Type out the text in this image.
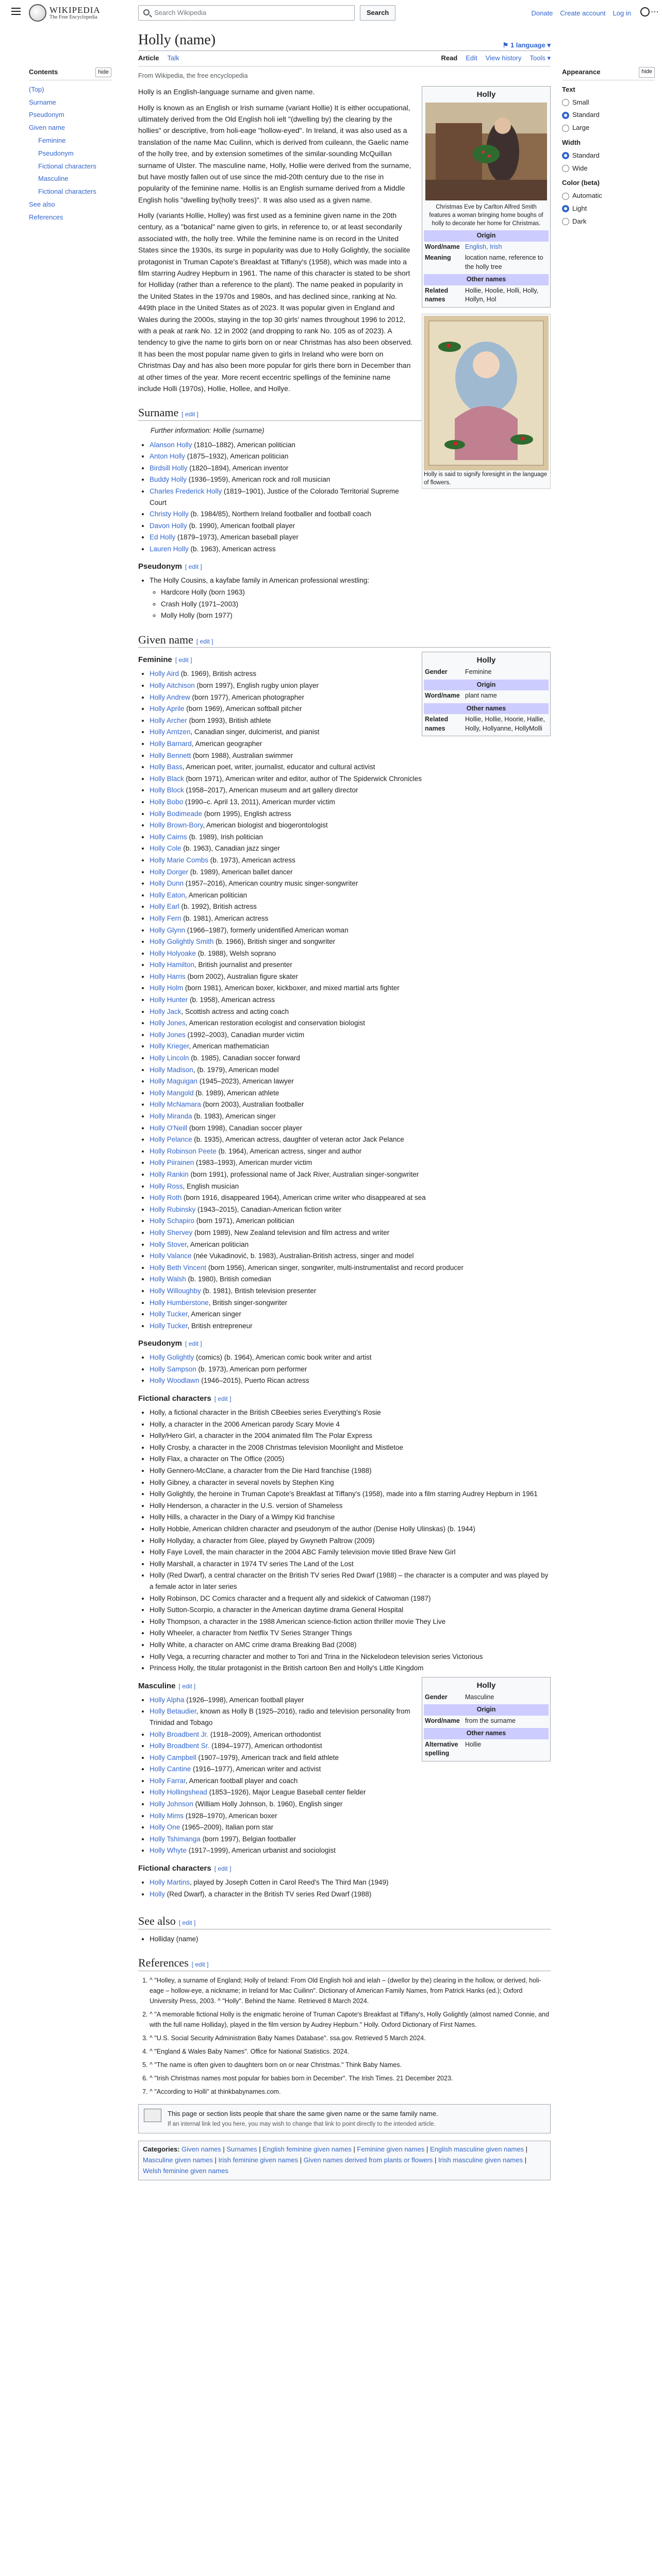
WIKIPEDIA
The Free Encyclopedia
Search Wikipedia	Search	Donate Create account Log in ⋯
Contents	hide
(Top)
Surname
Pseudonym
Given name
Feminine
Pseudonym
Fictional characters
Masculine
Fictional characters
See also
References
Appearance	hide
Text
Small
Standard
Large
Width
Standard
Wide
Color (beta)
Automatic
Light
Dark
Holly (name)	⚑ 1 language ▾
Article Talk	Read Edit View history Tools ▾
From Wikipedia, the free encyclopedia
Holly
Christmas Eve by Carlton Alfred Smith features a woman bringing home boughs of holly to decorate her home for Christmas.
Origin
Word/name English, Irish
Meaning	location name, reference to the holly tree
Other names
Related names
Hollie, Hoolie, Holli, Holly, Hollyn, Hol

Holly is an English-language surname and given name.

Holly is known as an English or Irish surname (variant Hollie) It is either occupational, ultimately derived from the Old English holi ielt "(dwelling by) the clearing by the hollies" or descriptive, from holi-eage "hollow-eyed". In Ireland, it was also used as a translation of the name Mac Cuilinn, which is derived from cuileann, the Gaelic name of the holly tree, and by extension sometimes of the similar-sounding McQuillan surname of Ulster. The masculine name, Holly, Hollie were derived from the surname, but have mostly fallen out of use since the mid-20th century due to the rise in popularity of the feminine name. Hollis is an English surname derived from a Middle English holis "dwelling by(holly trees)". It was also used as a given name.

Holly is said to signify foresight in the language of flowers.

Holly (variants Hollie, Holley) was first used as a feminine given name in the 20th century, as a "botanical" name given to girls, in reference to, or at least secondarily associated with, the holly tree. While the feminine name is on record in the United States since the 1930s, its surge in popularity was due to Holly Golightly, the socialite protagonist in Truman Capote's Breakfast at Tiffany's (1958), which was made into a film starring Audrey Hepburn in 1961. The name of this character is stated to be short for Holliday (rather than a reference to the plant). The name peaked in popularity in the United States in the 1970s and 1980s, and has declined since, ranking at No. 449th place in the United States as of 2023. It was popular given in England and Wales during the 2000s, staying in the top 30 girls' names throughout 1996 to 2012, with a peak at rank No. 12 in 2002 (and dropping to rank No. 105 as of 2023). A tendency to give the name to girls born on or near Christmas has also been observed. It has been the most popular name given to girls in Ireland who were born on Christmas Day and has also been more popular for girls there born in December than at other times of the year. More recent eccentric spellings of the feminine name include Holli (1970s), Hollie, Hollee, and Hollye.

Surname [ edit ]
Further information: Hollie (surname)
• Alanson Holly (1810–1882), American politician
• Anton Holly (1875–1932), American politician
• Birdsill Holly (1820–1894), American inventor
• Buddy Holly (1936–1959), American rock and roll musician
• Charles Frederick Holly (1819–1901), Justice of the Colorado Territorial Supreme Court
• Christy Holly (b. 1984/85), Northern Ireland footballer and football coach
• Davon Holly (b. 1990), American football player
• Ed Holly (1879–1973), American baseball player
• Lauren Holly (b. 1963), American actress
Pseudonym [ edit ]
• The Holly Cousins, a kayfabe family in American professional wrestling:
◦ Hardcore Holly (born 1963)
◦ Crash Holly (1971–2003)
◦ Molly Holly (born 1977)
Given name [ edit ]
Holly
Gender	Feminine
Origin
Word/name plant name
Other names
Related names
Hollie, Hollie, Hoorie, Hallie, Holly, Hollyanne, HollyMolli
Feminine [ edit ]
• Holly Aird (b. 1969), British actress
• Holly Aitchison (born 1997), English rugby union player
• Holly Andrew (born 1977), American photographer
• Holly Aprile (born 1969), American softball pitcher
• Holly Archer (born 1993), British athlete
• Holly Arntzen, Canadian singer, dulcimerist, and pianist
• Holly Barnard, American geographer
• Holly Bennett (born 1988), Australian swimmer
• Holly Bass, American poet, writer, journalist, educator and cultural activist
• Holly Black (born 1971), American writer and editor, author of The Spiderwick Chronicles
• Holly Block (1958–2017), American museum and art gallery director
• Holly Bobo (1990–c. April 13, 2011), American murder victim
• Holly Bodimeade (born 1995), English actress
• Holly Brown-Bory, American biologist and biogerontologist
• Holly Cairns (b. 1989), Irish politician
• Holly Cole (b. 1963), Canadian jazz singer
• Holly Marie Combs (b. 1973), American actress
• Holly Dorger (b. 1989), American ballet dancer
• Holly Dunn (1957–2016), American country music singer-songwriter
• Holly Eaton, American politician
• Holly Earl (b. 1992), British actress
• Holly Fern (b. 1981), American actress
• Holly Glynn (1966–1987), formerly unidentified American woman
• Holly Golightly Smith (b. 1966), British singer and songwriter
• Holly Holyoake (b. 1988), Welsh soprano
• Holly Hamilton, British journalist and presenter
• Holly Harris (born 2002), Australian figure skater
• Holly Holm (born 1981), American boxer, kickboxer, and mixed martial arts fighter
• Holly Hunter (b. 1958), American actress
• Holly Jack, Scottish actress and acting coach
• Holly Jones, American restoration ecologist and conservation biologist
• Holly Jones (1992–2003), Canadian murder victim
• Holly Krieger, American mathematician
• Holly Lincoln (b. 1985), Canadian soccer forward
• Holly Madison, (b. 1979), American model
• Holly Maguigan (1945–2023), American lawyer
• Holly Mangold (b. 1989), American athlete
• Holly McNamara (born 2003), Australian footballer
• Holly Miranda (b. 1983), American singer
• Holly O'Neill (born 1998), Canadian soccer player
• Holly Pelance (b. 1935), American actress, daughter of veteran actor Jack Pelance
• Holly Robinson Peete (b. 1964), American actress, singer and author
• Holly Piirainen (1983–1993), American murder victim
• Holly Rankin (born 1991), professional name of Jack River, Australian singer-songwriter
• Holly Ross, English musician
• Holly Roth (born 1916, disappeared 1964), American crime writer who disappeared at sea
• Holly Rubinsky (1943–2015), Canadian-American fiction writer
• Holly Schapiro (born 1971), American politician
• Holly Shervey (born 1989), New Zealand television and film actress and writer
• Holly Stover, American politician
• Holly Valance (née Vukadinović, b. 1983), Australian-British actress, singer and model
• Holly Beth Vincent (born 1956), American singer, songwriter, multi-instrumentalist and record producer
• Holly Walsh (b. 1980), British comedian
• Holly Willoughby (b. 1981), British television presenter
• Holly Humberstone, British singer-songwriter
• Holly Tucker, American singer
• Holly Tucker, British entrepreneur
Pseudonym [ edit ]
• Holly Golightly (comics) (b. 1964), American comic book writer and artist
• Holly Sampson (b. 1973), American porn performer
• Holly Woodlawn (1946–2015), Puerto Rican actress
Fictional characters [ edit ]
• Holly, a fictional character in the British CBeebies series Everything's Rosie
• Holly, a character in the 2006 American parody Scary Movie 4
• Holly/Hero Girl, a character in the 2004 animated film The Polar Express
• Holly Crosby, a character in the 2008 Christmas television Moonlight and Mistletoe
• Holly Flax, a character on The Office (2005)
• Holly Gennero-McClane, a character from the Die Hard franchise (1988)
• Holly Gibney, a character in several novels by Stephen King
• Holly Golightly, the heroine in Truman Capote's Breakfast at Tiffany's (1958), made into a film starring Audrey Hepburn in 1961
• Holly Henderson, a character in the U.S. version of Shameless
• Holly Hills, a character in the Diary of a Wimpy Kid franchise
• Holly Hobbie, American children character and pseudonym of the author (Denise Holly Ulinskas) (b. 1944)
• Holly Hollyday, a character from Glee, played by Gwyneth Paltrow (2009)
• Holly Faye Lovell, the main character in the 2004 ABC Family television movie titled Brave New Girl
• Holly Marshall, a character in 1974 TV series The Land of the Lost
• Holly (Red Dwarf), a central character on the British TV series Red Dwarf (1988) – the character is a computer and was played by a female actor in later series
• Holly Robinson, DC Comics character and a frequent ally and sidekick of Catwoman (1987)
• Holly Sutton-Scorpio, a character in the American daytime drama General Hospital
• Holly Thompson, a character in the 1988 American science-fiction action thriller movie They Live
• Holly Wheeler, a character from Netflix TV Series Stranger Things
• Holly White, a character on AMC crime drama Breaking Bad (2008)
• Holly Vega, a recurring character and mother to Tori and Trina in the Nickelodeon television series Victorious
• Princess Holly, the titular protagonist in the British cartoon Ben and Holly's Little Kingdom
Holly
Gender	Masculine
Origin
Word/name from the surname
Other names
Alternative spelling
Hollie
Masculine [ edit ]
• Holly Alpha (1926–1998), American football player
• Holly Betaudier, known as Holly B (1925–2016), radio and television personality from Trinidad and Tobago
• Holly Broadbent Jr. (1918–2009), American orthodontist
• Holly Broadbent Sr. (1894–1977), American orthodontist
• Holly Campbell (1907–1979), American track and field athlete
• Holly Cantine (1916–1977), American writer and activist
• Holly Farrar, American football player and coach
• Holly Hollingshead (1853–1926), Major League Baseball center fielder
• Holly Johnson (William Holly Johnson, b. 1960), English singer
• Holly Mims (1928–1970), American boxer
• Holly One (1965–2009), Italian porn star
• Holly Tshimanga (born 1997), Belgian footballer
• Holly Whyte (1917–1999), American urbanist and sociologist
Fictional characters [ edit ]
• Holly Martins, played by Joseph Cotten in Carol Reed's The Third Man (1949)
• Holly (Red Dwarf), a character in the British TV series Red Dwarf (1988)
See also [ edit ]
• Holliday (name)
References [ edit ]
1. ^ "Holley, a surname of England; Holly of Ireland: From Old English holi and ielah – (dwellor by the) clearing in the hollow, or derived, holi-eage – hollow-eye, a nickname; in Ireland for Mac Cuilinn". Dictionary of American Family Names, from Patrick Hanks (ed.); Oxford University Press, 2003. ^ "Holly". Behind the Name. Retrieved 8 March 2024.
2. ^ "A memorable fictional Holly is the enigmatic heroine of Truman Capote's Breakfast at Tiffany's, Holly Golightly (almost named Connie, and with the full name Holliday), played in the film version by Audrey Hepburn." Holly. Oxford Dictionary of First Names.
3. ^ "U.S. Social Security Administration Baby Names Database". ssa.gov. Retrieved 5 March 2024.
4. ^ "England & Wales Baby Names". Office for National Statistics. 2024.
5. ^ "The name is often given to daughters born on or near Christmas." Think Baby Names.
6. ^ "Irish Christmas names most popular for babies born in December". The Irish Times. 21 December 2023.
7. ^ "According to Holli" at thinkbabynames.com.
This page or section lists people that share the same given name or the same family name.
If an internal link led you here, you may wish to change that link to point directly to the intended article.
Categories: Given names | Surnames | English feminine given names | Feminine given names | English masculine given names | Masculine given names | Irish feminine given names | Given names derived from plants or flowers | Irish masculine given names | Welsh feminine given names
